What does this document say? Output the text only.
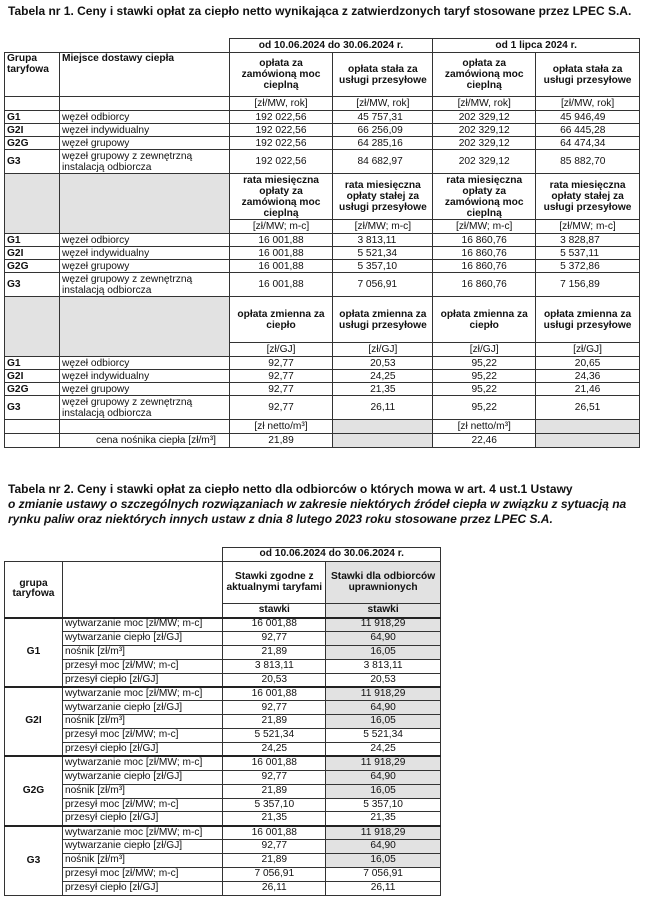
Tabela nr 1. Ceny i stawki opłat za ciepło netto wynikająca z zatwierdzonych taryf stosowane przez LPEC S.A.
		od 10.06.2024 do 30.06.2024 r.		od 1 lipca 2024 r.	
Grupa taryfowa	Miejsce dostawy ciepła	opłata za zamówioną moc cieplną	opłata stała za usługi przesyłowe	opłata za zamówioną moc cieplną	opłata stała za usługi przesyłowe
		[zł/MW, rok]	[zł/MW, rok]	[zł/MW, rok]	[zł/MW, rok]
G1	węzeł odbiorcy	192 022,56	45 757,31	202 329,12	45 946,49
G2I	węzeł indywidualny	192 022,56	66 256,09	202 329,12	66 445,28
G2G	węzeł grupowy	192 022,56	64 285,16	202 329,12	64 474,34
G3	węzeł grupowy z zewnętrzną instalacją odbiorcza	192 022,56	84 682,97	202 329,12	85 882,70
		rata miesięczna opłaty za zamówioną moc cieplną	rata miesięczna opłaty stałej za usługi przesyłowe	rata miesięczna opłaty za zamówioną moc cieplną	rata miesięczna opłaty stałej za usługi przesyłowe
		[zł/MW; m-c]	[zł/MW; m-c]	[zł/MW; m-c]	[zł/MW; m-c]
G1	węzeł odbiorcy	16 001,88	3 813,11	16 860,76	3 828,87
G2I	węzeł indywidualny	16 001,88	5 521,34	16 860,76	5 537,11
G2G	węzeł grupowy	16 001,88	5 357,10	16 860,76	5 372,86
G3	węzeł grupowy z zewnętrzną instalacją odbiorcza	16 001,88	7 056,91	16 860,76	7 156,89
		opłata zmienna za ciepło	opłata zmienna za usługi przesyłowe	opłata zmienna za ciepło	opłata zmienna za usługi przesyłowe
		[zł/GJ]	[zł/GJ]	[zł/GJ]	[zł/GJ]
G1	węzeł odbiorcy	92,77	20,53	95,22	20,65
G2I	węzeł indywidualny	92,77	24,25	95,22	24,36
G2G	węzeł grupowy	92,77	21,35	95,22	21,46
G3	węzeł grupowy z zewnętrzną instalacją odbiorcza	92,77	26,11	95,22	26,51
		[zł netto/m³]		[zł netto/m³]	
	cena nośnika ciepła [zł/m³]	21,89		22,46	
Tabela nr 2. Ceny i stawki opłat za ciepło netto dla odbiorców o których mowa w art. 4 ust.1 Ustawy
o zmianie ustawy o szczególnych rozwiązaniach w zakresie niektórych źródeł ciepła w związku z sytuacją na rynku paliw oraz niektórych innych ustaw z dnia 8 lutego 2023 roku stosowane przez LPEC S.A.
		od 10.06.2024 do 30.06.2024 r.	
grupa taryfowa		Stawki zgodne z aktualnymi taryfami	Stawki dla odbiorców uprawnionych
		stawki	stawki
G1	wytwarzanie moc [zł/MW; m-c]	16 001,88	11 918,29
	wytwarzanie ciepło [zł/GJ]	92,77	64,90
	nośnik [zł/m³]	21,89	16,05
	przesył moc [zł/MW; m-c]	3 813,11	3 813,11
	przesył ciepło [zł/GJ]	20,53	20,53
G2I	wytwarzanie moc [zł/MW; m-c]	16 001,88	11 918,29
	wytwarzanie ciepło [zł/GJ]	92,77	64,90
	nośnik [zł/m³]	21,89	16,05
	przesył moc [zł/MW; m-c]	5 521,34	5 521,34
	przesył ciepło [zł/GJ]	24,25	24,25
G2G	wytwarzanie moc [zł/MW; m-c]	16 001,88	11 918,29
	wytwarzanie ciepło [zł/GJ]	92,77	64,90
	nośnik [zł/m³]	21,89	16,05
	przesył moc [zł/MW; m-c]	5 357,10	5 357,10
	przesył ciepło [zł/GJ]	21,35	21,35
G3	wytwarzanie moc [zł/MW; m-c]	16 001,88	11 918,29
	wytwarzanie ciepło [zł/GJ]	92,77	64,90
	nośnik [zł/m³]	21,89	16,05
	przesył moc [zł/MW; m-c]	7 056,91	7 056,91
	przesył ciepło [zł/GJ]	26,11	26,11
